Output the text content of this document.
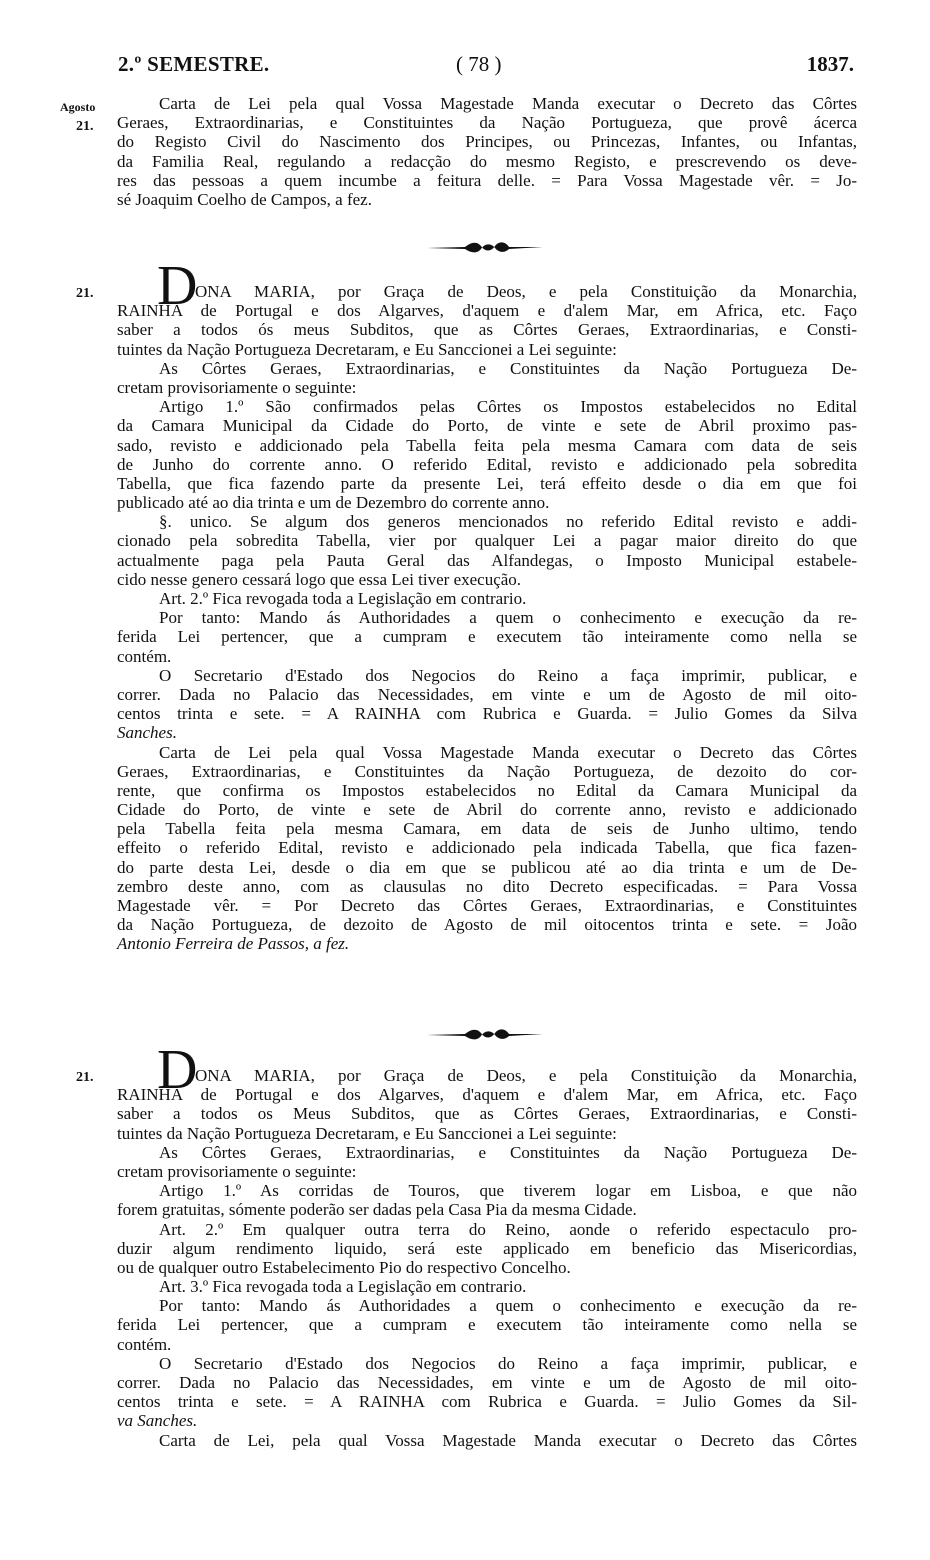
2.º SEMESTRE.	( 78 )	1837.
Agosto
21.
Carta de Lei pela qual Vossa Magestade Manda executar o Decreto das Côrtes
Geraes, Extraordinarias, e Constituintes da Nação Portugueza, que provê ácerca
do Registo Civil do Nascimento dos Principes, ou Princezas, Infantes, ou Infantas,
da Familia Real, regulando a redacção do mesmo Registo, e prescrevendo os deve-
res das pessoas a quem incumbe a feitura delle. = Para Vossa Magestade vêr. = Jo-
sé Joaquim Coelho de Campos, a fez.
21. D
ONA MARIA, por Graça de Deos, e pela Constituição da Monarchia,
RAINHA de Portugal e dos Algarves, d'aquem e d'alem Mar, em Africa, etc. Faço
saber a todos ós meus Subditos, que as Côrtes Geraes, Extraordinarias, e Consti-
tuintes da Nação Portugueza Decretaram, e Eu Sanccionei a Lei seguinte:
As Côrtes Geraes, Extraordinarias, e Constituintes da Nação Portugueza De-
cretam provisoriamente o seguinte:
Artigo 1.º São confirmados pelas Côrtes os Impostos estabelecidos no Edital
da Camara Municipal da Cidade do Porto, de vinte e sete de Abril proximo pas-
sado, revisto e addicionado pela Tabella feita pela mesma Camara com data de seis
de Junho do corrente anno. O referido Edital, revisto e addicionado pela sobredita
Tabella, que fica fazendo parte da presente Lei, terá effeito desde o dia em que foi
publicado até ao dia trinta e um de Dezembro do corrente anno.
§. unico. Se algum dos generos mencionados no referido Edital revisto e addi-
cionado pela sobredita Tabella, vier por qualquer Lei a pagar maior direito do que
actualmente paga pela Pauta Geral das Alfandegas, o Imposto Municipal estabele-
cido nesse genero cessará logo que essa Lei tiver execução.
Art. 2.º Fica revogada toda a Legislação em contrario.
Por tanto: Mando ás Authoridades a quem o conhecimento e execução da re-
ferida Lei pertencer, que a cumpram e executem tão inteiramente como nella se
contém.
O Secretario d'Estado dos Negocios do Reino a faça imprimir, publicar, e
correr. Dada no Palacio das Necessidades, em vinte e um de Agosto de mil oito-
centos trinta e sete. = A RAINHA com Rubrica e Guarda. = Julio Gomes da Silva
Sanches.
Carta de Lei pela qual Vossa Magestade Manda executar o Decreto das Côrtes
Geraes, Extraordinarias, e Constituintes da Nação Portugueza, de dezoito do cor-
rente, que confirma os Impostos estabelecidos no Edital da Camara Municipal da
Cidade do Porto, de vinte e sete de Abril do corrente anno, revisto e addicionado
pela Tabella feita pela mesma Camara, em data de seis de Junho ultimo, tendo
effeito o referido Edital, revisto e addicionado pela indicada Tabella, que fica fazen-
do parte desta Lei, desde o dia em que se publicou até ao dia trinta e um de De-
zembro deste anno, com as clausulas no dito Decreto especificadas. = Para Vossa
Magestade vêr. = Por Decreto das Côrtes Geraes, Extraordinarias, e Constituintes
da Nação Portugueza, de dezoito de Agosto de mil oitocentos trinta e sete. = João
Antonio Ferreira de Passos, a fez.
21. D
ONA MARIA, por Graça de Deos, e pela Constituição da Monarchia,
RAINHA de Portugal e dos Algarves, d'aquem e d'alem Mar, em Africa, etc. Faço
saber a todos os Meus Subditos, que as Côrtes Geraes, Extraordinarias, e Consti-
tuintes da Nação Portugueza Decretaram, e Eu Sanccionei a Lei seguinte:
As Côrtes Geraes, Extraordinarias, e Constituintes da Nação Portugueza De-
cretam provisoriamente o seguinte:
Artigo 1.º As corridas de Touros, que tiverem logar em Lisboa, e que não
forem gratuitas, sómente poderão ser dadas pela Casa Pia da mesma Cidade.
Art. 2.º Em qualquer outra terra do Reino, aonde o referido espectaculo pro-
duzir algum rendimento liquido, será este applicado em beneficio das Misericordias,
ou de qualquer outro Estabelecimento Pio do respectivo Concelho.
Art. 3.º Fica revogada toda a Legislação em contrario.
Por tanto: Mando ás Authoridades a quem o conhecimento e execução da re-
ferida Lei pertencer, que a cumpram e executem tão inteiramente como nella se
contém.
O Secretario d'Estado dos Negocios do Reino a faça imprimir, publicar, e
correr. Dada no Palacio das Necessidades, em vinte e um de Agosto de mil oito-
centos trinta e sete. = A RAINHA com Rubrica e Guarda. = Julio Gomes da Sil-
va Sanches.
Carta de Lei, pela qual Vossa Magestade Manda executar o Decreto das Côrtes
